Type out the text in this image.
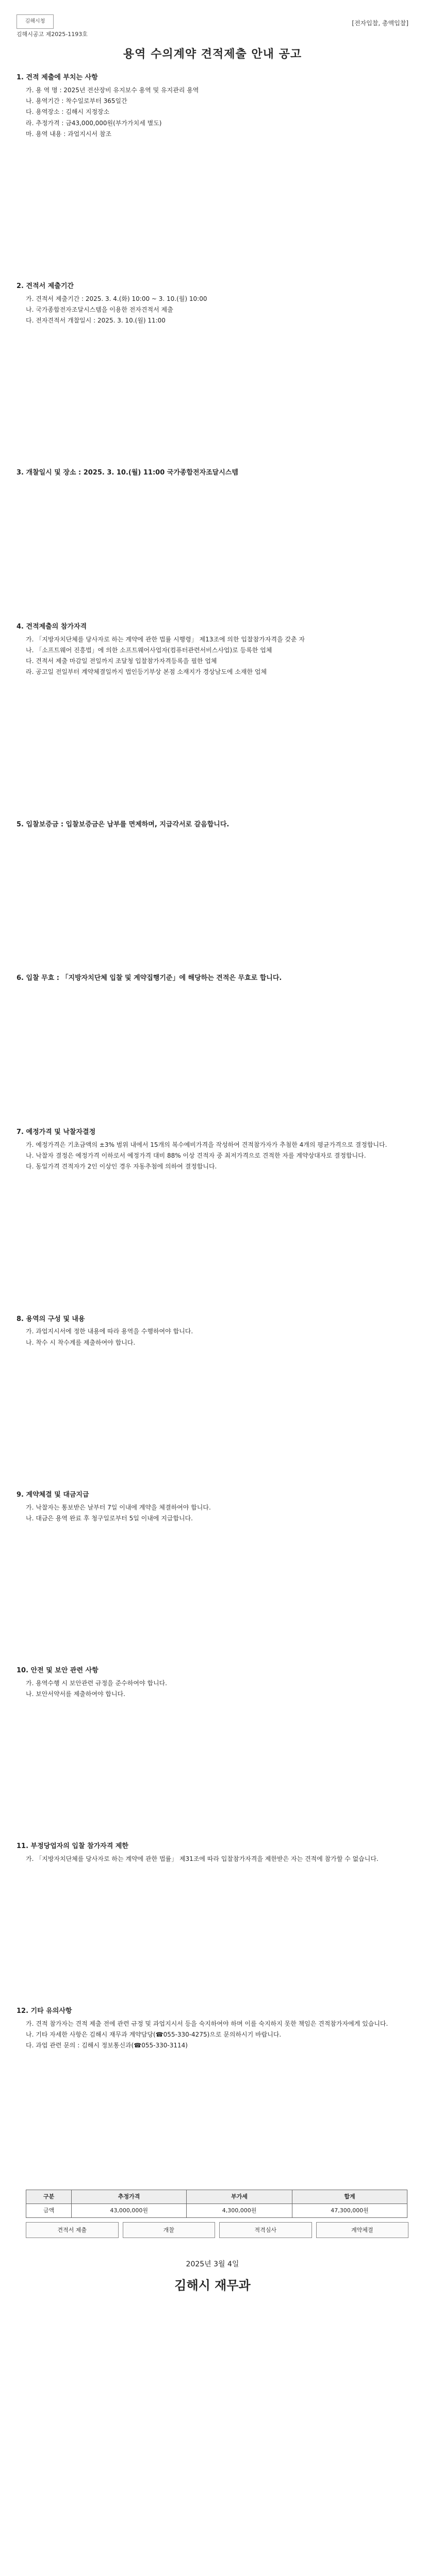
김해시청
김해시공고 제2025-1193호
[전자입찰, 총액입찰]
용역 수의계약 견적제출 안내 공고
1. 견적 제출에 부치는 사항
가. 용 역 명 : 2025년 전산장비 유지보수 용역 및 유지관리 용역
나. 용역기간 : 착수일로부터 365일간
다. 용역장소 : 김해시 지정장소
라. 추정가격 : 금43,000,000원(부가가치세 별도)
마. 용역 내용 : 과업지시서 참조
2. 견적서 제출기간
가. 견적서 제출기간 : 2025. 3. 4.(화) 10:00 ~ 3. 10.(월) 10:00
나. 국가종합전자조달시스템을 이용한 전자견적서 제출
다. 전자견적서 개찰일시 : 2025. 3. 10.(월) 11:00
3. 개찰일시 및 장소 : 2025. 3. 10.(월) 11:00 국가종합전자조달시스템
4. 견적제출의 참가자격
가. 「지방자치단체를 당사자로 하는 계약에 관한 법률 시행령」 제13조에 의한 입찰참가자격을 갖춘 자
나. 「소프트웨어 진흥법」에 의한 소프트웨어사업자(컴퓨터관련서비스사업)로 등록한 업체
다. 견적서 제출 마감일 전일까지 조달청 입찰참가자격등록을 필한 업체
라. 공고일 전일부터 계약체결일까지 법인등기부상 본점 소재지가 경상남도에 소재한 업체
5. 입찰보증금 : 입찰보증금은 납부를 면제하며, 지급각서로 갈음합니다.
6. 입찰 무효 : 「지방자치단체 입찰 및 계약집행기준」에 해당하는 견적은 무효로 합니다.
7. 예정가격 및 낙찰자결정
가. 예정가격은 기초금액의 ±3% 범위 내에서 15개의 복수예비가격을 작성하여 견적참가자가 추첨한 4개의 평균가격으로 결정합니다.
나. 낙찰자 결정은 예정가격 이하로서 예정가격 대비 88% 이상 견적자 중 최저가격으로 견적한 자를 계약상대자로 결정합니다.
다. 동일가격 견적자가 2인 이상인 경우 자동추첨에 의하여 결정합니다.
8. 용역의 구성 및 내용
가. 과업지시서에 정한 내용에 따라 용역을 수행하여야 합니다.
나. 착수 시 착수계를 제출하여야 합니다.
9. 계약체결 및 대금지급
가. 낙찰자는 통보받은 날부터 7일 이내에 계약을 체결하여야 합니다.
나. 대금은 용역 완료 후 청구일로부터 5일 이내에 지급합니다.
10. 안전 및 보안 관련 사항
가. 용역수행 시 보안관련 규정을 준수하여야 합니다.
나. 보안서약서를 제출하여야 합니다.
11. 부정당업자의 입찰 참가자격 제한
가. 「지방자치단체를 당사자로 하는 계약에 관한 법률」 제31조에 따라 입찰참가자격을 제한받은 자는 견적에 참가할 수 없습니다.
12. 기타 유의사항
가. 견적 참가자는 견적 제출 전에 관련 규정 및 과업지시서 등을 숙지하여야 하며 이를 숙지하지 못한 책임은 견적참가자에게 있습니다.
나. 기타 자세한 사항은 김해시 재무과 계약담당(☎055-330-4275)으로 문의하시기 바랍니다.
다. 과업 관련 문의 : 김해시 정보통신과(☎055-330-3114)
구분	추정가격	부가세	합계
금액	43,000,000원	4,300,000원	47,300,000원
견적서 제출	개찰	적격심사	계약체결
2025년 3월 4일
김해시 재무과
